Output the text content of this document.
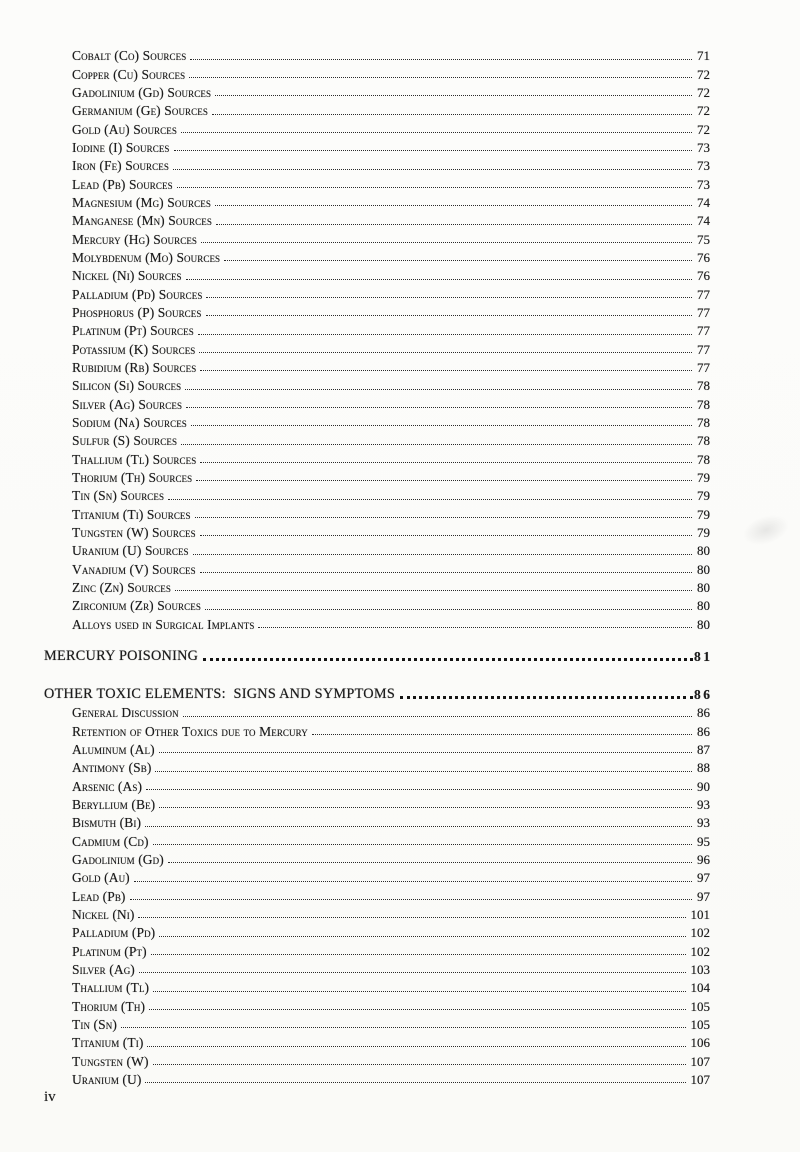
Cobalt (Co) Sources	71
Copper (Cu) Sources	72
Gadolinium (Gd) Sources	72
Germanium (Ge) Sources	72
Gold (Au) Sources	72
Iodine (I) Sources	73
Iron (Fe) Sources	73
Lead (Pb) Sources	73
Magnesium (Mg) Sources	74
Manganese (Mn) Sources	74
Mercury (Hg) Sources	75
Molybdenum (Mo) Sources	76
Nickel (Ni) Sources	76
Palladium (Pd) Sources	77
Phosphorus (P) Sources	77
Platinum (Pt) Sources	77
Potassium (K) Sources	77
Rubidium (Rb) Sources	77
Silicon (Si) Sources	78
Silver (Ag) Sources	78
Sodium (Na) Sources	78
Sulfur (S) Sources	78
Thallium (Tl) Sources	78
Thorium (Th) Sources	79
Tin (Sn) Sources	79
Titanium (Ti) Sources	79
Tungsten (W) Sources	79
Uranium (U) Sources	80
Vanadium (V) Sources	80
Zinc (Zn) Sources	80
Zirconium (Zr) Sources	80
Alloys used in Surgical Implants	80
MERCURY POISONING	81
OTHER TOXIC ELEMENTS:  SIGNS AND SYMPTOMS	86
General Discussion	86
Retention of Other Toxics due to Mercury	86
Aluminum (Al)	87
Antimony (Sb)	88
Arsenic (As)	90
Beryllium (Be)	93
Bismuth (Bi)	93
Cadmium (Cd)	95
Gadolinium (Gd)	96
Gold (Au)	97
Lead (Pb)	97
Nickel (Ni)	101
Palladium (Pd)	102
Platinum (Pt)	102
Silver (Ag)	103
Thallium (Tl)	104
Thorium (Th)	105
Tin (Sn)	105
Titanium (Ti)	106
Tungsten (W)	107
Uranium (U)	107
iv
